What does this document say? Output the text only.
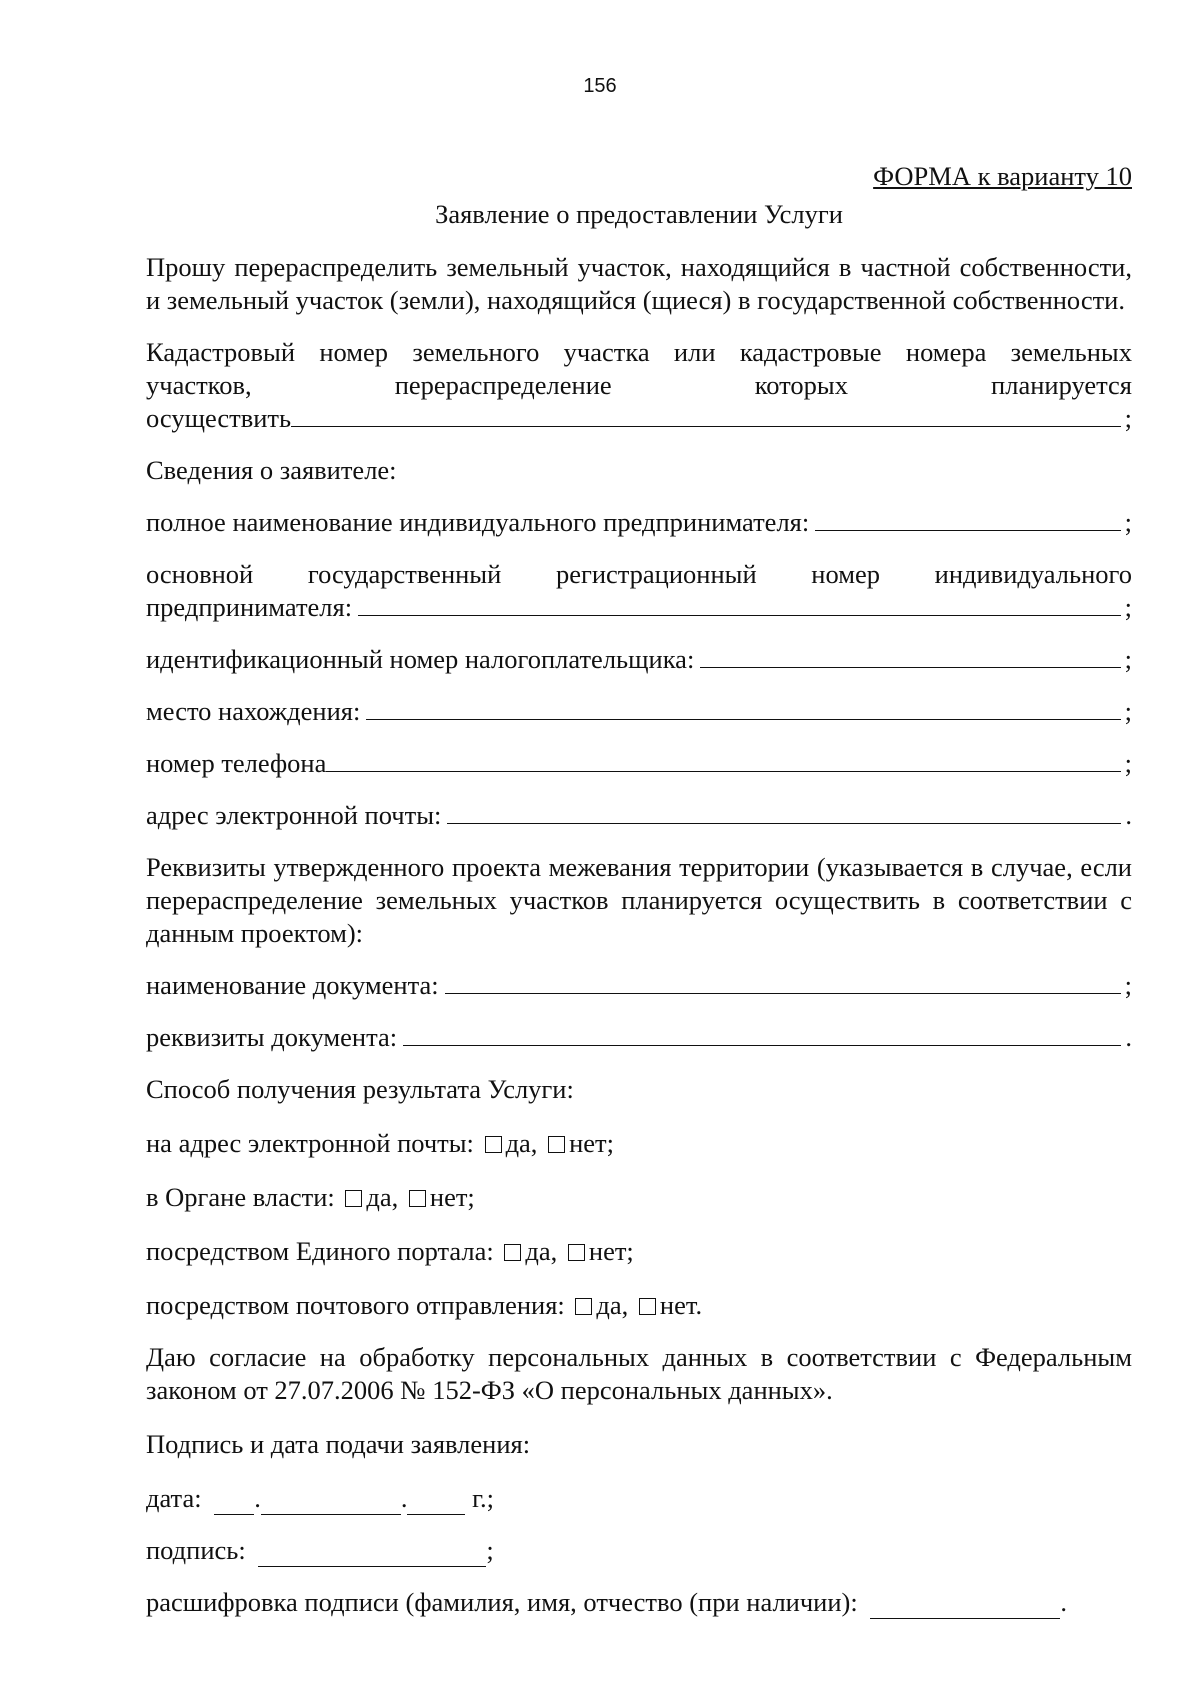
156

ФОРМА к варианту 10

Заявление о предоставлении Услуги

Прошу перераспределить земельный участок, находящийся в частной собственности, и земельный участок (земли), находящийся (щиеся) в государственной собственности.

Кадастровый номер земельного участка или кадастровые номера земельных
участков,	перераспределение	которых	планируется
осуществить	;

Сведения о заявителе:

полное наименование индивидуального предпринимателя:	;
основной государственный регистрационный номер индивидуального
предпринимателя:	;
идентификационный номер налогоплательщика:	;
место нахождения:	;
номер телефона	;
адрес электронной почты:	.

Реквизиты утвержденного проекта межевания территории (указывается в случае, если перераспределение земельных участков планируется осуществить в соответствии с данным проектом):

наименование документа:	;
реквизиты документа:	.

Способ получения результата Услуги:

на адрес электронной почты: да, нет;
в Органе власти: да, нет;
посредством Единого портала: да, нет;
посредством почтового отправления: да, нет.

Даю согласие на обработку персональных данных в соответствии с Федеральным законом от 27.07.2006 № 152-ФЗ «О персональных данных».

Подпись и дата подачи заявления:

дата: .	. г.;
подпись:	;
расшифровка подписи (фамилия, имя, отчество (при наличии):	.
